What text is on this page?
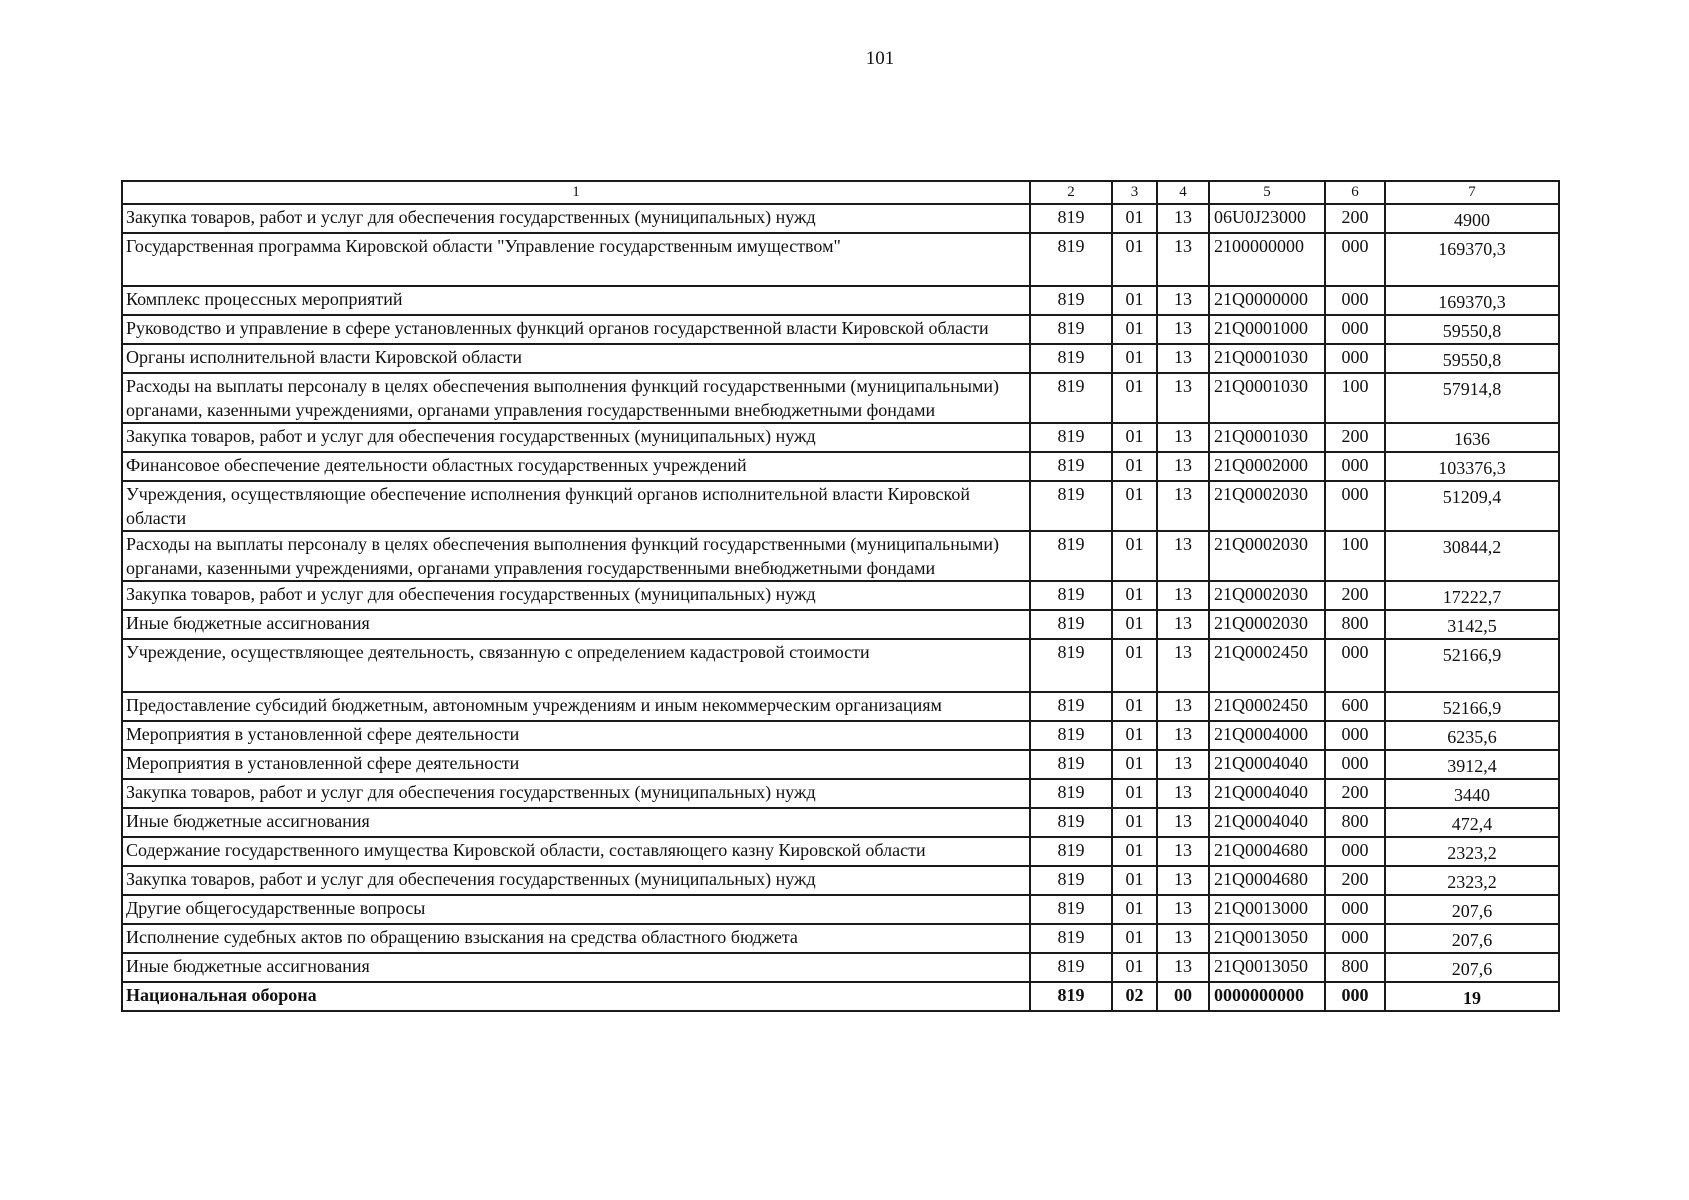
101
1	2	3	4	5	6	7
Закупка товаров, работ и услуг для обеспечения государственных (муниципальных) нужд	819	01	13	06U0J23000	200	4900
Государственная программа Кировской области "Управление государственным имуществом"	819	01	13	2100000000	000	169370,3
Комплекс процессных мероприятий	819	01	13	21Q0000000	000	169370,3
Руководство и управление в сфере установленных функций органов государственной власти Кировской области	819	01	13	21Q0001000	000	59550,8
Органы исполнительной власти Кировской области	819	01	13	21Q0001030	000	59550,8
Расходы на выплаты персоналу в целях обеспечения выполнения функций государственными (муниципальными) органами, казенными учреждениями, органами управления государственными внебюджетными фондами	819	01	13	21Q0001030	100	57914,8
Закупка товаров, работ и услуг для обеспечения государственных (муниципальных) нужд	819	01	13	21Q0001030	200	1636
Финансовое обеспечение деятельности областных государственных учреждений	819	01	13	21Q0002000	000	103376,3
Учреждения, осуществляющие обеспечение исполнения функций органов исполнительной власти Кировской области	819	01	13	21Q0002030	000	51209,4
Расходы на выплаты персоналу в целях обеспечения выполнения функций государственными (муниципальными) органами, казенными учреждениями, органами управления государственными внебюджетными фондами	819	01	13	21Q0002030	100	30844,2
Закупка товаров, работ и услуг для обеспечения государственных (муниципальных) нужд	819	01	13	21Q0002030	200	17222,7
Иные бюджетные ассигнования	819	01	13	21Q0002030	800	3142,5
Учреждение, осуществляющее деятельность, связанную с определением кадастровой стоимости	819	01	13	21Q0002450	000	52166,9
Предоставление субсидий бюджетным, автономным учреждениям и иным некоммерческим организациям	819	01	13	21Q0002450	600	52166,9
Мероприятия в установленной сфере деятельности	819	01	13	21Q0004000	000	6235,6
Мероприятия в установленной сфере деятельности	819	01	13	21Q0004040	000	3912,4
Закупка товаров, работ и услуг для обеспечения государственных (муниципальных) нужд	819	01	13	21Q0004040	200	3440
Иные бюджетные ассигнования	819	01	13	21Q0004040	800	472,4
Содержание государственного имущества Кировской области, составляющего казну Кировской области	819	01	13	21Q0004680	000	2323,2
Закупка товаров, работ и услуг для обеспечения государственных (муниципальных) нужд	819	01	13	21Q0004680	200	2323,2
Другие общегосударственные вопросы	819	01	13	21Q0013000	000	207,6
Исполнение судебных актов по обращению взыскания на средства областного бюджета	819	01	13	21Q0013050	000	207,6
Иные бюджетные ассигнования	819	01	13	21Q0013050	800	207,6
Национальная оборона	819	02	00	0000000000	000	19
